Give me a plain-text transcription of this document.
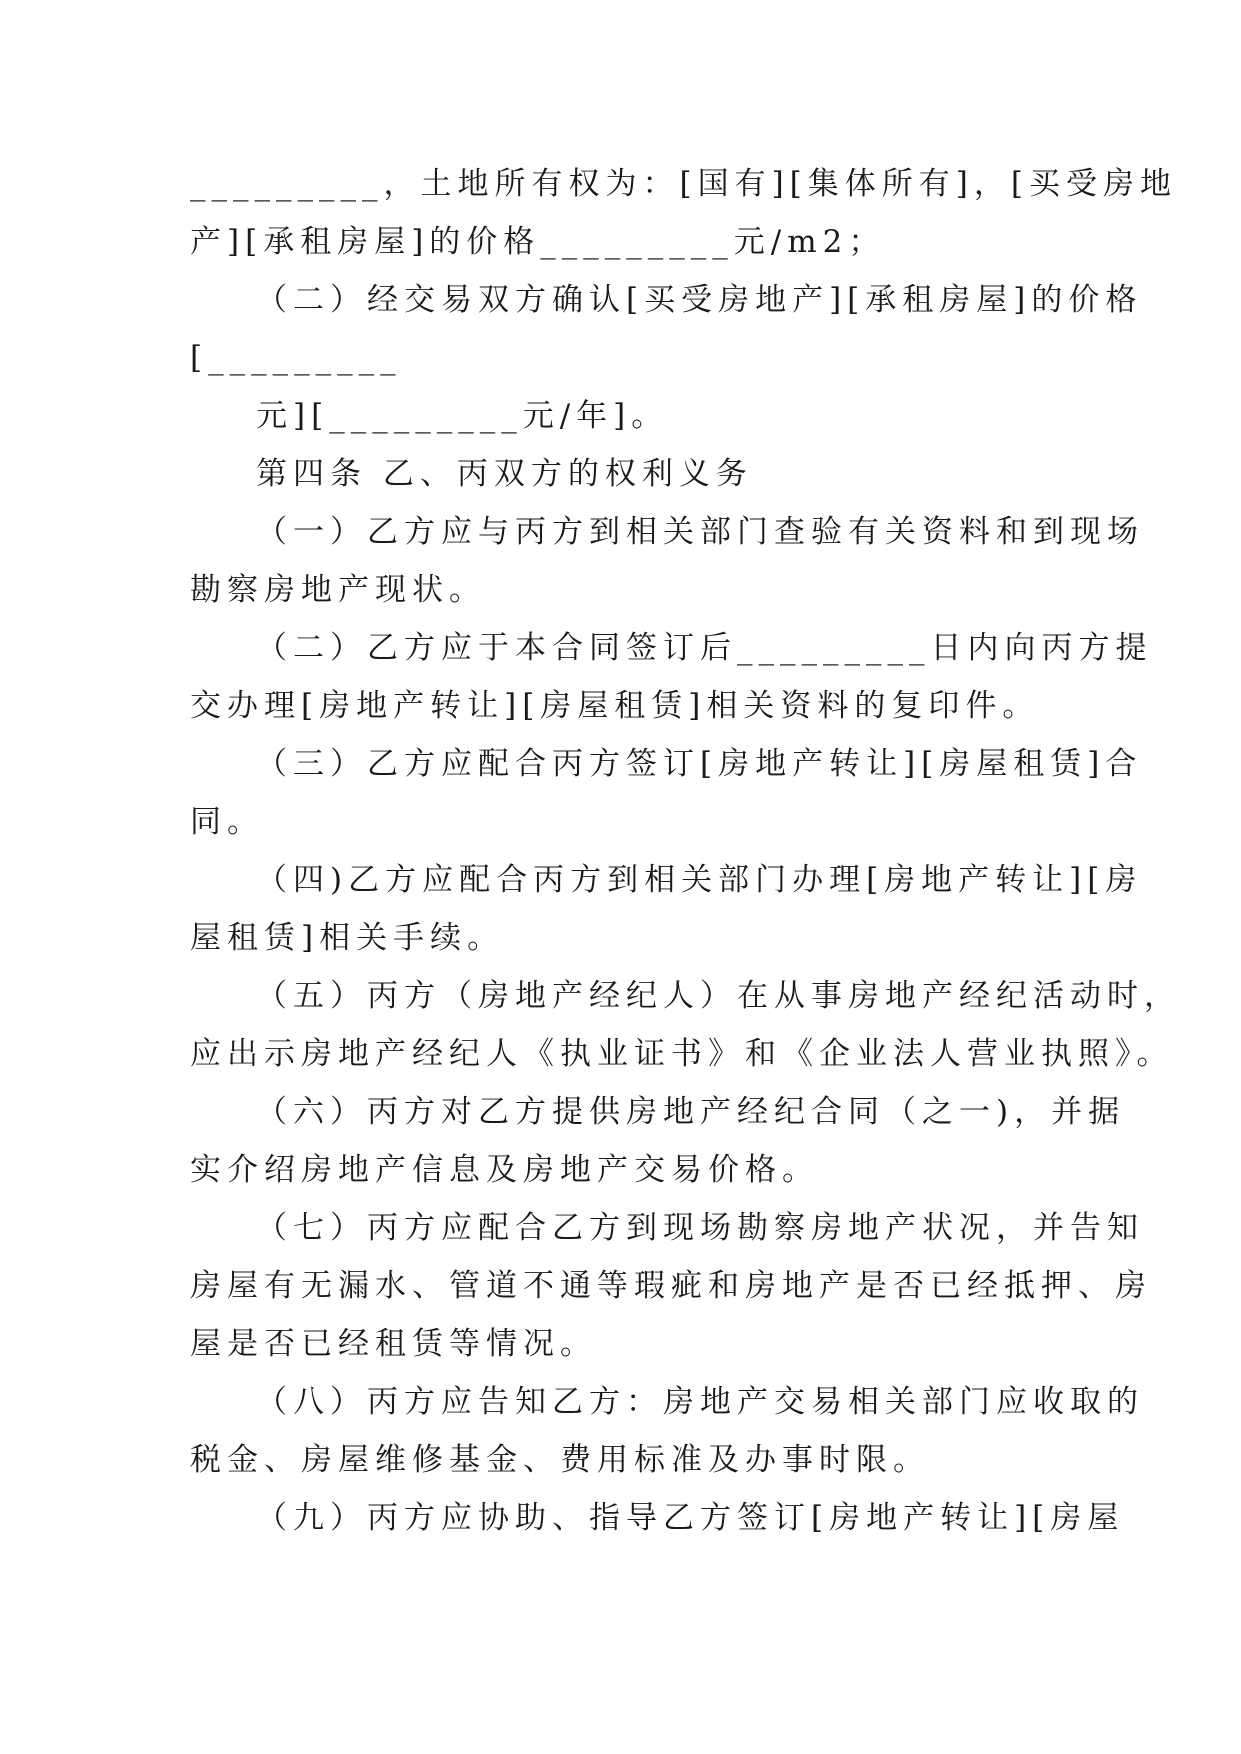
_________，土地所有权为：[国有][集体所有]，[买受房地
产][承租房屋]的价格_________元/m2；
（二）经交易双方确认[买受房地产][承租房屋]的价格
[_________
元][_________元/年]。
第四条 乙、丙双方的权利义务
（一）乙方应与丙方到相关部门查验有关资料和到现场
勘察房地产现状。
（二）乙方应于本合同签订后_________日内向丙方提
交办理[房地产转让][房屋租赁]相关资料的复印件。
（三）乙方应配合丙方签订[房地产转让][房屋租赁]合
同。
（四)乙方应配合丙方到相关部门办理[房地产转让][房
屋租赁]相关手续。
（五）丙方（房地产经纪人）在从事房地产经纪活动时，
应出示房地产经纪人《执业证书》和《企业法人营业执照》。
（六）丙方对乙方提供房地产经纪合同（之一)，并据
实介绍房地产信息及房地产交易价格。
（七）丙方应配合乙方到现场勘察房地产状况，并告知
房屋有无漏水、管道不通等瑕疵和房地产是否已经抵押、房
屋是否已经租赁等情况。
（八）丙方应告知乙方：房地产交易相关部门应收取的
税金、房屋维修基金、费用标准及办事时限。
（九）丙方应协助、指导乙方签订[房地产转让][房屋
